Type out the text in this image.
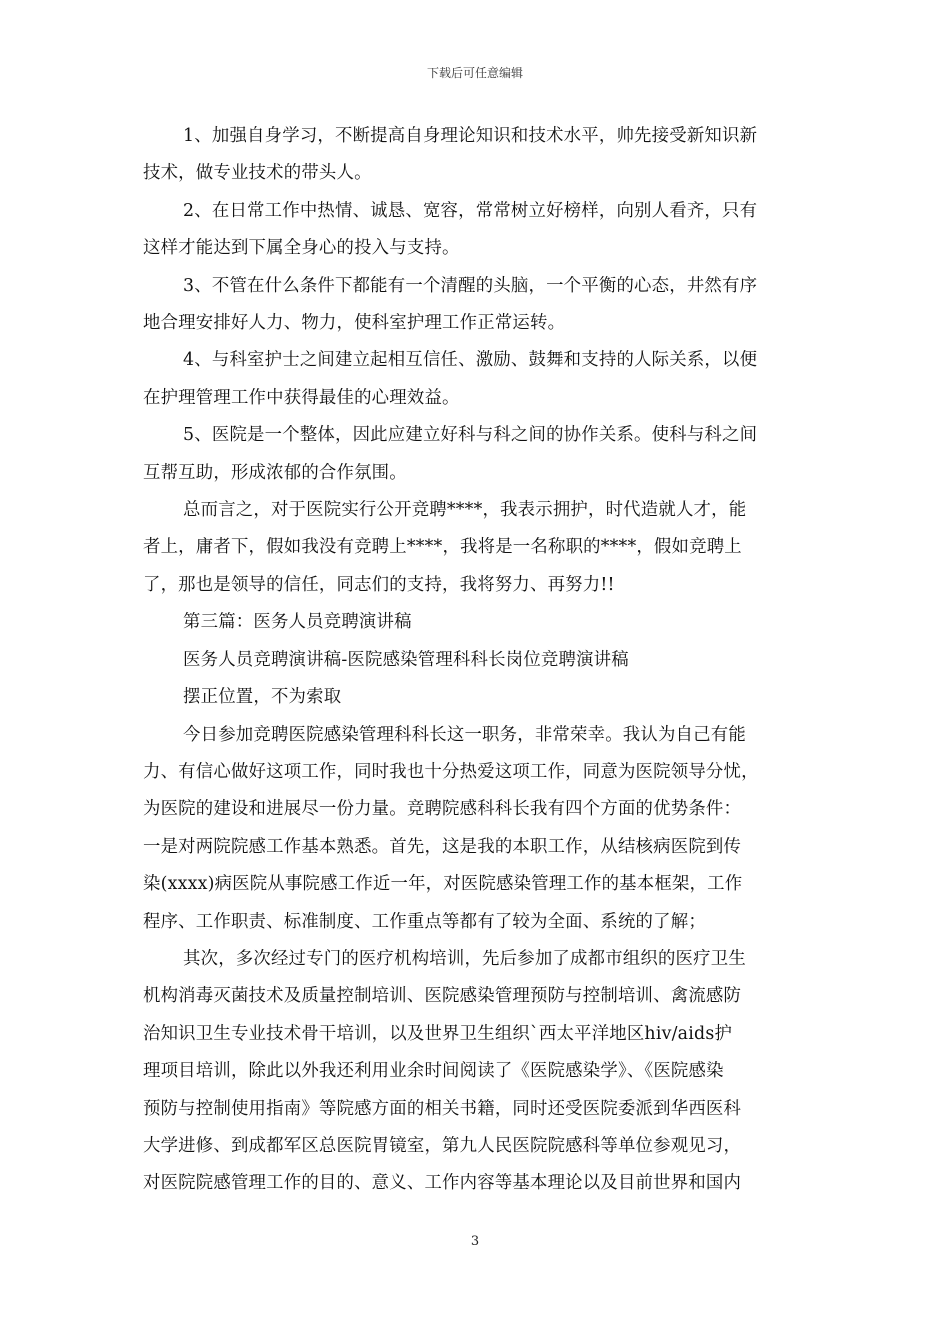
下载后可任意编辑

1、加强自身学习，不断提高自身理论知识和技术水平，帅先接受新知识新
技术，做专业技术的带头人。

2、在日常工作中热情、诚恳、宽容，常常树立好榜样，向别人看齐，只有
这样才能达到下属全身心的投入与支持。

3、不管在什么条件下都能有一个清醒的头脑，一个平衡的心态，井然有序
地合理安排好人力、物力，使科室护理工作正常运转。

4、与科室护士之间建立起相互信任、激励、鼓舞和支持的人际关系，以便
在护理管理工作中获得最佳的心理效益。

5、医院是一个整体，因此应建立好科与科之间的协作关系。使科与科之间
互帮互助，形成浓郁的合作氛围。

总而言之，对于医院实行公开竞聘****，我表示拥护，时代造就人才，能
者上，庸者下，假如我没有竞聘上****，我将是一名称职的****，假如竞聘上
了，那也是领导的信任，同志们的支持，我将努力、再努力!!

第三篇：医务人员竞聘演讲稿

医务人员竞聘演讲稿-医院感染管理科科长岗位竞聘演讲稿

摆正位置，不为索取

今日参加竞聘医院感染管理科科长这一职务，非常荣幸。我认为自己有能
力、有信心做好这项工作，同时我也十分热爱这项工作，同意为医院领导分忧，
为医院的建设和进展尽一份力量。竞聘院感科科长我有四个方面的优势条件：
一是对两院院感工作基本熟悉。首先，这是我的本职工作，从结核病医院到传
染(xxxx)病医院从事院感工作近一年，对医院感染管理工作的基本框架，工作
程序、工作职责、标准制度、工作重点等都有了较为全面、系统的了解；

其次，多次经过专门的医疗机构培训，先后参加了成都市组织的医疗卫生
机构消毒灭菌技术及质量控制培训、医院感染管理预防与控制培训、禽流感防
治知识卫生专业技术骨干培训，以及世界卫生组织`西太平洋地区hiv/aids护
理项目培训，除此以外我还利用业余时间阅读了《医院感染学》、《医院感染
预防与控制使用指南》等院感方面的相关书籍，同时还受医院委派到华西医科
大学进修、到成都军区总医院胃镜室，第九人民医院院感科等单位参观见习，
对医院院感管理工作的目的、意义、工作内容等基本理论以及目前世界和国内

3
